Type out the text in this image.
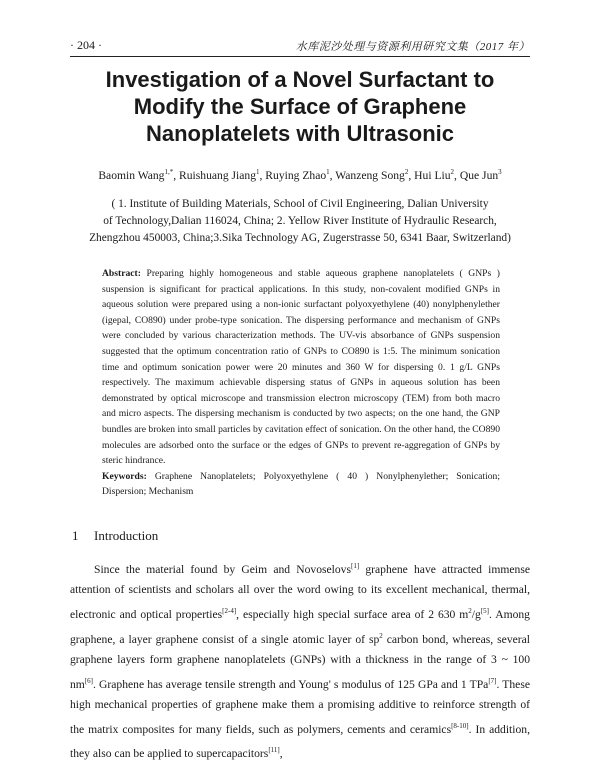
· 204 ·	水库泥沙处理与资源利用研究文集（2017 年）
Investigation of a Novel Surfactant to
Modify the Surface of Graphene
Nanoplatelets with Ultrasonic
Baomin Wang$^{1,*}$, Ruishuang Jiang$^1$, Ruying Zhao$^1$, Wanzeng Song$^2$, Hui Liu$^2$, Que Jun$^3$
( 1. Institute of Building Materials, School of Civil Engineering, Dalian University
of Technology,Dalian 116024, China; 2. Yellow River Institute of Hydraulic Research,
Zhengzhou 450003, China;3.Sika Technology AG, Zugerstrasse 50, 6341 Baar, Switzerland)
Abstract: Preparing highly homogeneous and stable aqueous graphene nanoplatelets ( GNPs ) suspension is significant for practical applications. In this study, non-covalent modified GNPs in aqueous solution were prepared using a non-ionic surfactant polyoxyethylene (40) nonylphenylether (igepal, CO890) under probe-type sonication. The dispersing performance and mechanism of GNPs were concluded by various characterization methods. The UV-vis absorbance of GNPs suspension suggested that the optimum concentration ratio of GNPs to CO890 is 1:5. The minimum sonication time and optimum sonication power were 20 minutes and 360 W for dispersing 0. 1 g/L GNPs respectively. The maximum achievable dispersing status of GNPs in aqueous solution has been demonstrated by optical microscope and transmission electron microscopy (TEM) from both macro and micro aspects. The dispersing mechanism is conducted by two aspects; on the one hand, the GNP bundles are broken into small particles by cavitation effect of sonication. On the other hand, the CO890 molecules are adsorbed onto the surface or the edges of GNPs to prevent re-aggregation of GNPs by steric hindrance.
Keywords: Graphene Nanoplatelets; Polyoxyethylene ( 40 ) Nonylphenylether; Sonication; Dispersion; Mechanism
1 Introduction

Since the material found by Geim and Novoselovs[1] graphene have attracted immense attention of scientists and scholars all over the word owing to its excellent mechanical, thermal, electronic and optical properties[2-4], especially high special surface area of 2 630 $m^2/g[5]$. Among graphene, a layer graphene consist of a single atomic layer of $sp^2$ carbon bond, whereas, several graphene layers form graphene nanoplatelets (GNPs) with a thickness in the range of 3 ~ 100 nm[6]. Graphene has average tensile strength and Young' s modulus of 125 GPa and 1 TPa[7]. These high mechanical properties of graphene make them a promising additive to reinforce strength of the matrix composites for many fields, such as polymers, cements and ceramics[8-10]. In addition, they also can be applied to supercapacitors[11],
